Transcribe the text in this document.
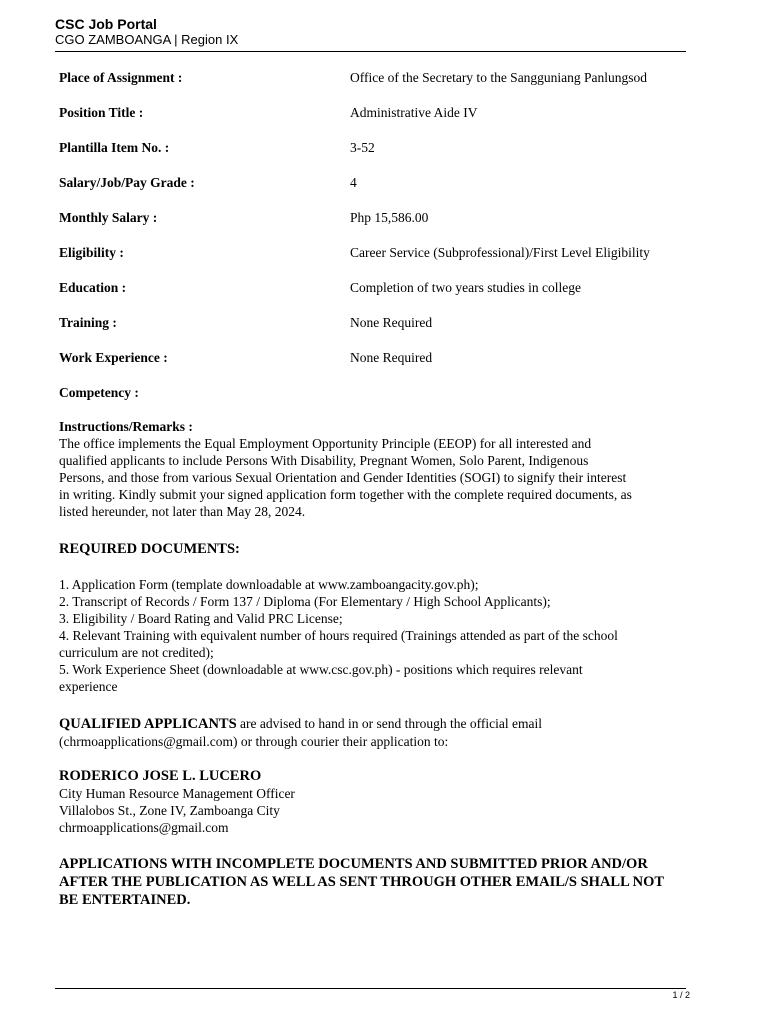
CSC Job Portal
CGO ZAMBOANGA | Region IX
Place of Assignment :	Office of the Secretary to the Sangguniang Panlungsod
Position Title :	Administrative Aide IV
Plantilla Item No. :	3-52
Salary/Job/Pay Grade :	4
Monthly Salary :	Php 15,586.00
Eligibility :	Career Service (Subprofessional)/First Level Eligibility
Education :	Completion of two years studies in college
Training :	None Required
Work Experience :	None Required
Competency :

Instructions/Remarks :

The office implements the Equal Employment Opportunity Principle (EEOP) for all interested and

qualified applicants to include Persons With Disability, Pregnant Women, Solo Parent, Indigenous

Persons, and those from various Sexual Orientation and Gender Identities (SOGI) to signify their interest

in writing. Kindly submit your signed application form together with the complete required documents, as

listed hereunder, not later than May 28, 2024.

REQUIRED DOCUMENTS:

1. Application Form (template downloadable at www.zamboangacity.gov.ph);

2. Transcript of Records / Form 137 / Diploma (For Elementary / High School Applicants);

3. Eligibility / Board Rating and Valid PRC License;

4. Relevant Training with equivalent number of hours required (Trainings attended as part of the school

curriculum are not credited);

5. Work Experience Sheet (downloadable at www.csc.gov.ph) - positions which requires relevant

experience

QUALIFIED APPLICANTS are advised to hand in or send through the official email

(chrmoapplications@gmail.com) or through courier their application to:

RODERICO JOSE L. LUCERO

City Human Resource Management Officer

Villalobos St., Zone IV, Zamboanga City

chrmoapplications@gmail.com

APPLICATIONS WITH INCOMPLETE DOCUMENTS AND SUBMITTED PRIOR AND/OR

AFTER THE PUBLICATION AS WELL AS SENT THROUGH OTHER EMAIL/S SHALL NOT

BE ENTERTAINED.

1 / 2
